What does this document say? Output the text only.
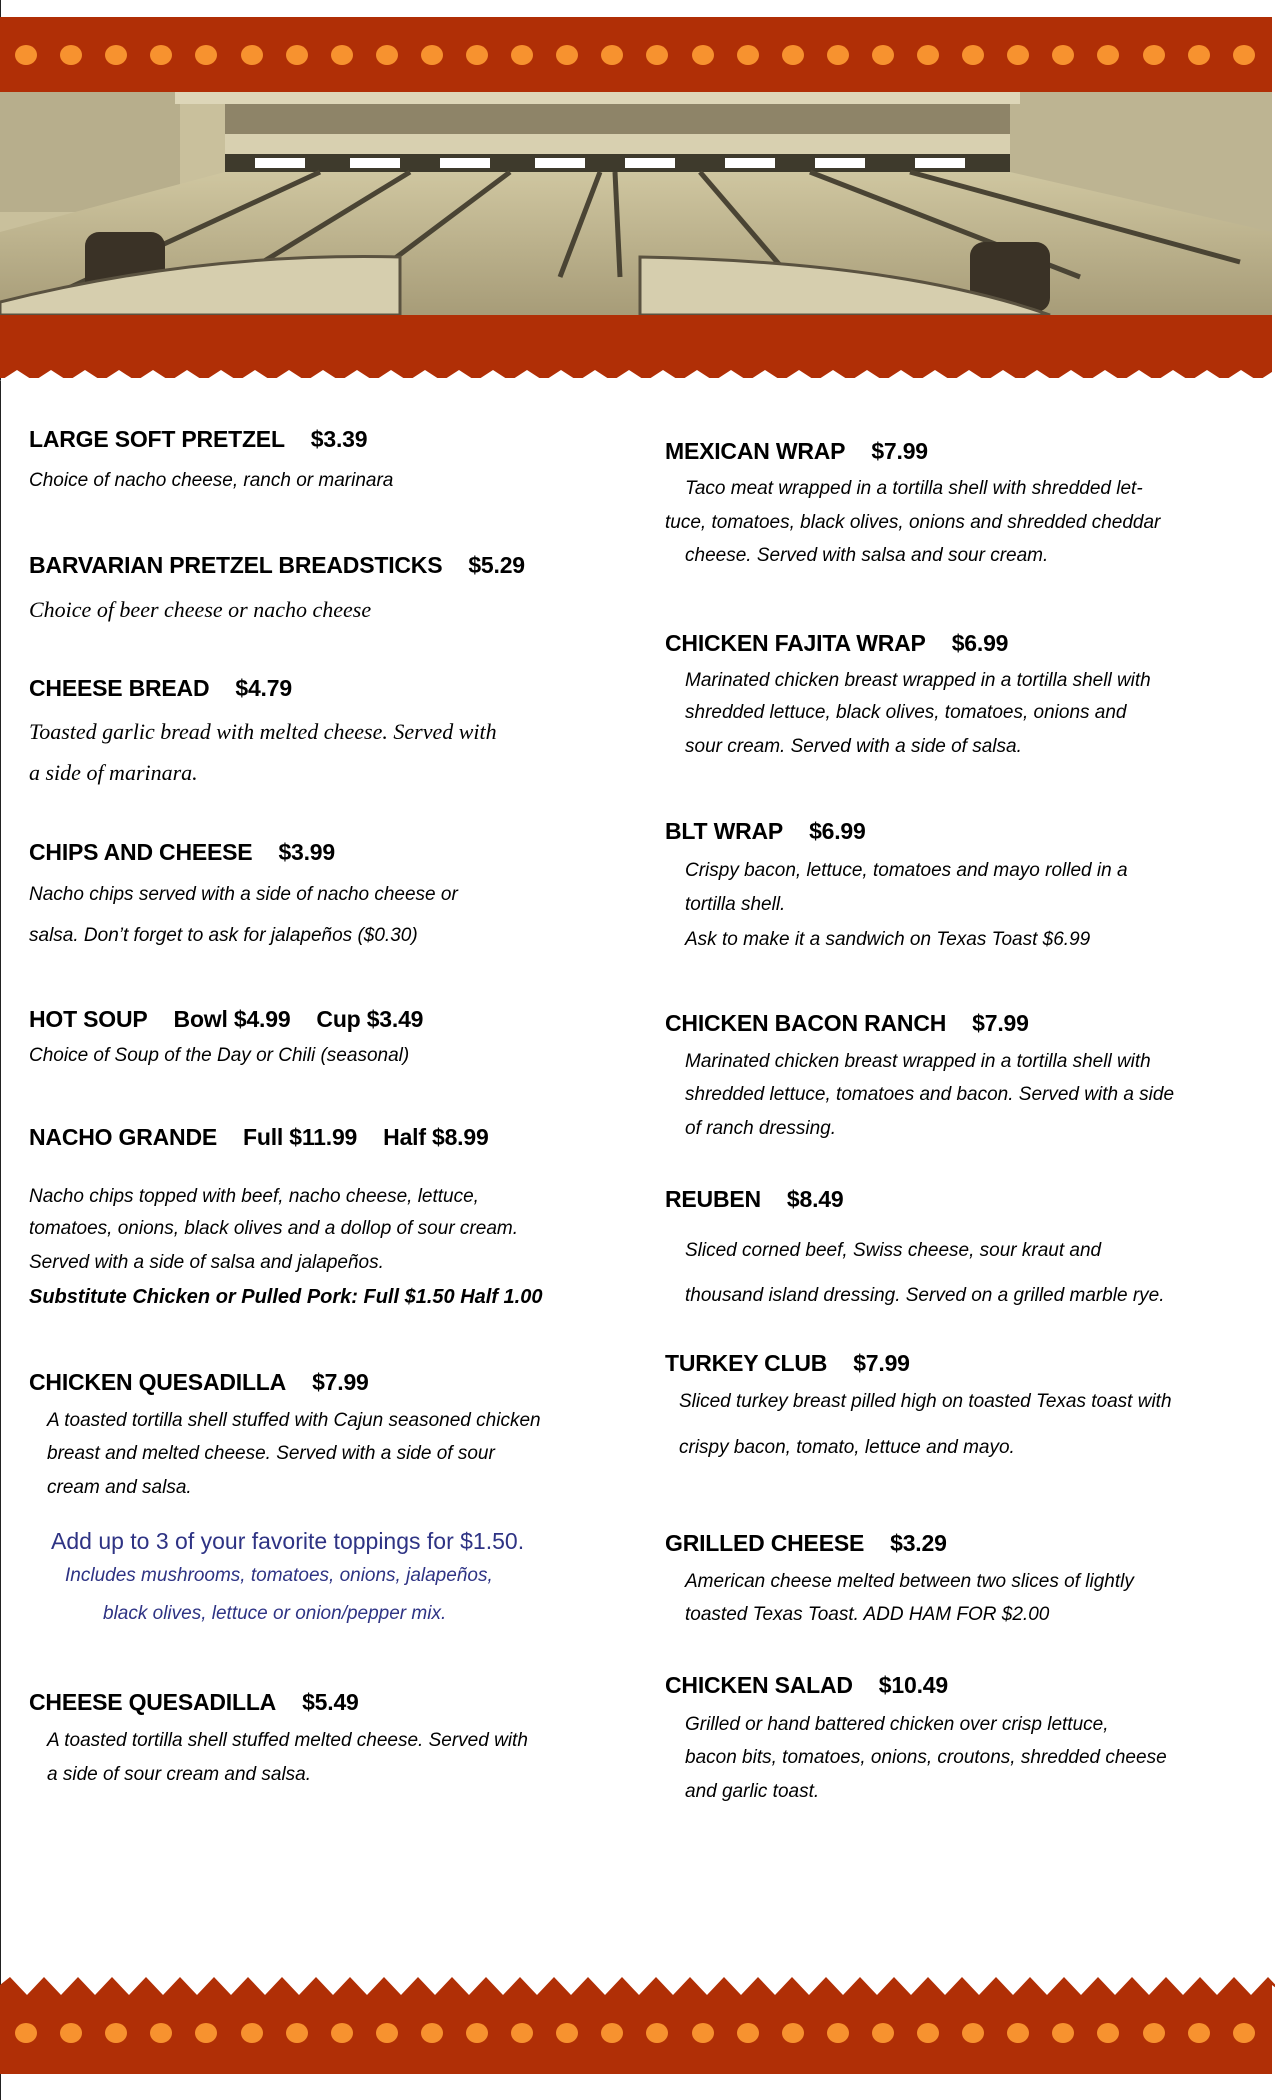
LARGE SOFT PRETZEL $3.39
Choice of nacho cheese, ranch or marinara
BARVARIAN PRETZEL BREADSTICKS $5.29
Choice of beer cheese or nacho cheese
CHEESE BREAD $4.79
Toasted garlic bread with melted cheese. Served with
a side of marinara.
CHIPS AND CHEESE $3.99
Nacho chips served with a side of nacho cheese or
salsa. Don’t forget to ask for jalapeños ($0.30)
HOT SOUP Bowl $4.99 Cup $3.49
Choice of Soup of the Day or Chili (seasonal)
NACHO GRANDE Full $11.99 Half $8.99
Nacho chips topped with beef, nacho cheese, lettuce,
tomatoes, onions, black olives and a dollop of sour cream.
Served with a side of salsa and jalapeños.
Substitute Chicken or Pulled Pork: Full $1.50 Half 1.00
CHICKEN QUESADILLA $7.99
A toasted tortilla shell stuffed with Cajun seasoned chicken
breast and melted cheese. Served with a side of sour
cream and salsa.
Add up to 3 of your favorite toppings for $1.50.
Includes mushrooms, tomatoes, onions, jalapeños,
black olives, lettuce or onion/pepper mix.
CHEESE QUESADILLA $5.49
A toasted tortilla shell stuffed melted cheese. Served with
a side of sour cream and salsa.
MEXICAN WRAP $7.99
Taco meat wrapped in a tortilla shell with shredded let-
tuce, tomatoes, black olives, onions and shredded cheddar
cheese. Served with salsa and sour cream.
CHICKEN FAJITA WRAP $6.99
Marinated chicken breast wrapped in a tortilla shell with
shredded lettuce, black olives, tomatoes, onions and
sour cream. Served with a side of salsa.
BLT WRAP $6.99
Crispy bacon, lettuce, tomatoes and mayo rolled in a
tortilla shell.
Ask to make it a sandwich on Texas Toast $6.99
CHICKEN BACON RANCH $7.99
Marinated chicken breast wrapped in a tortilla shell with
shredded lettuce, tomatoes and bacon. Served with a side
of ranch dressing.
REUBEN $8.49
Sliced corned beef, Swiss cheese, sour kraut and
thousand island dressing. Served on a grilled marble rye.
TURKEY CLUB $7.99
Sliced turkey breast pilled high on toasted Texas toast with
crispy bacon, tomato, lettuce and mayo.
GRILLED CHEESE $3.29
American cheese melted between two slices of lightly
toasted Texas Toast. ADD HAM FOR $2.00
CHICKEN SALAD $10.49
Grilled or hand battered chicken over crisp lettuce,
bacon bits, tomatoes, onions, croutons, shredded cheese
and garlic toast.
